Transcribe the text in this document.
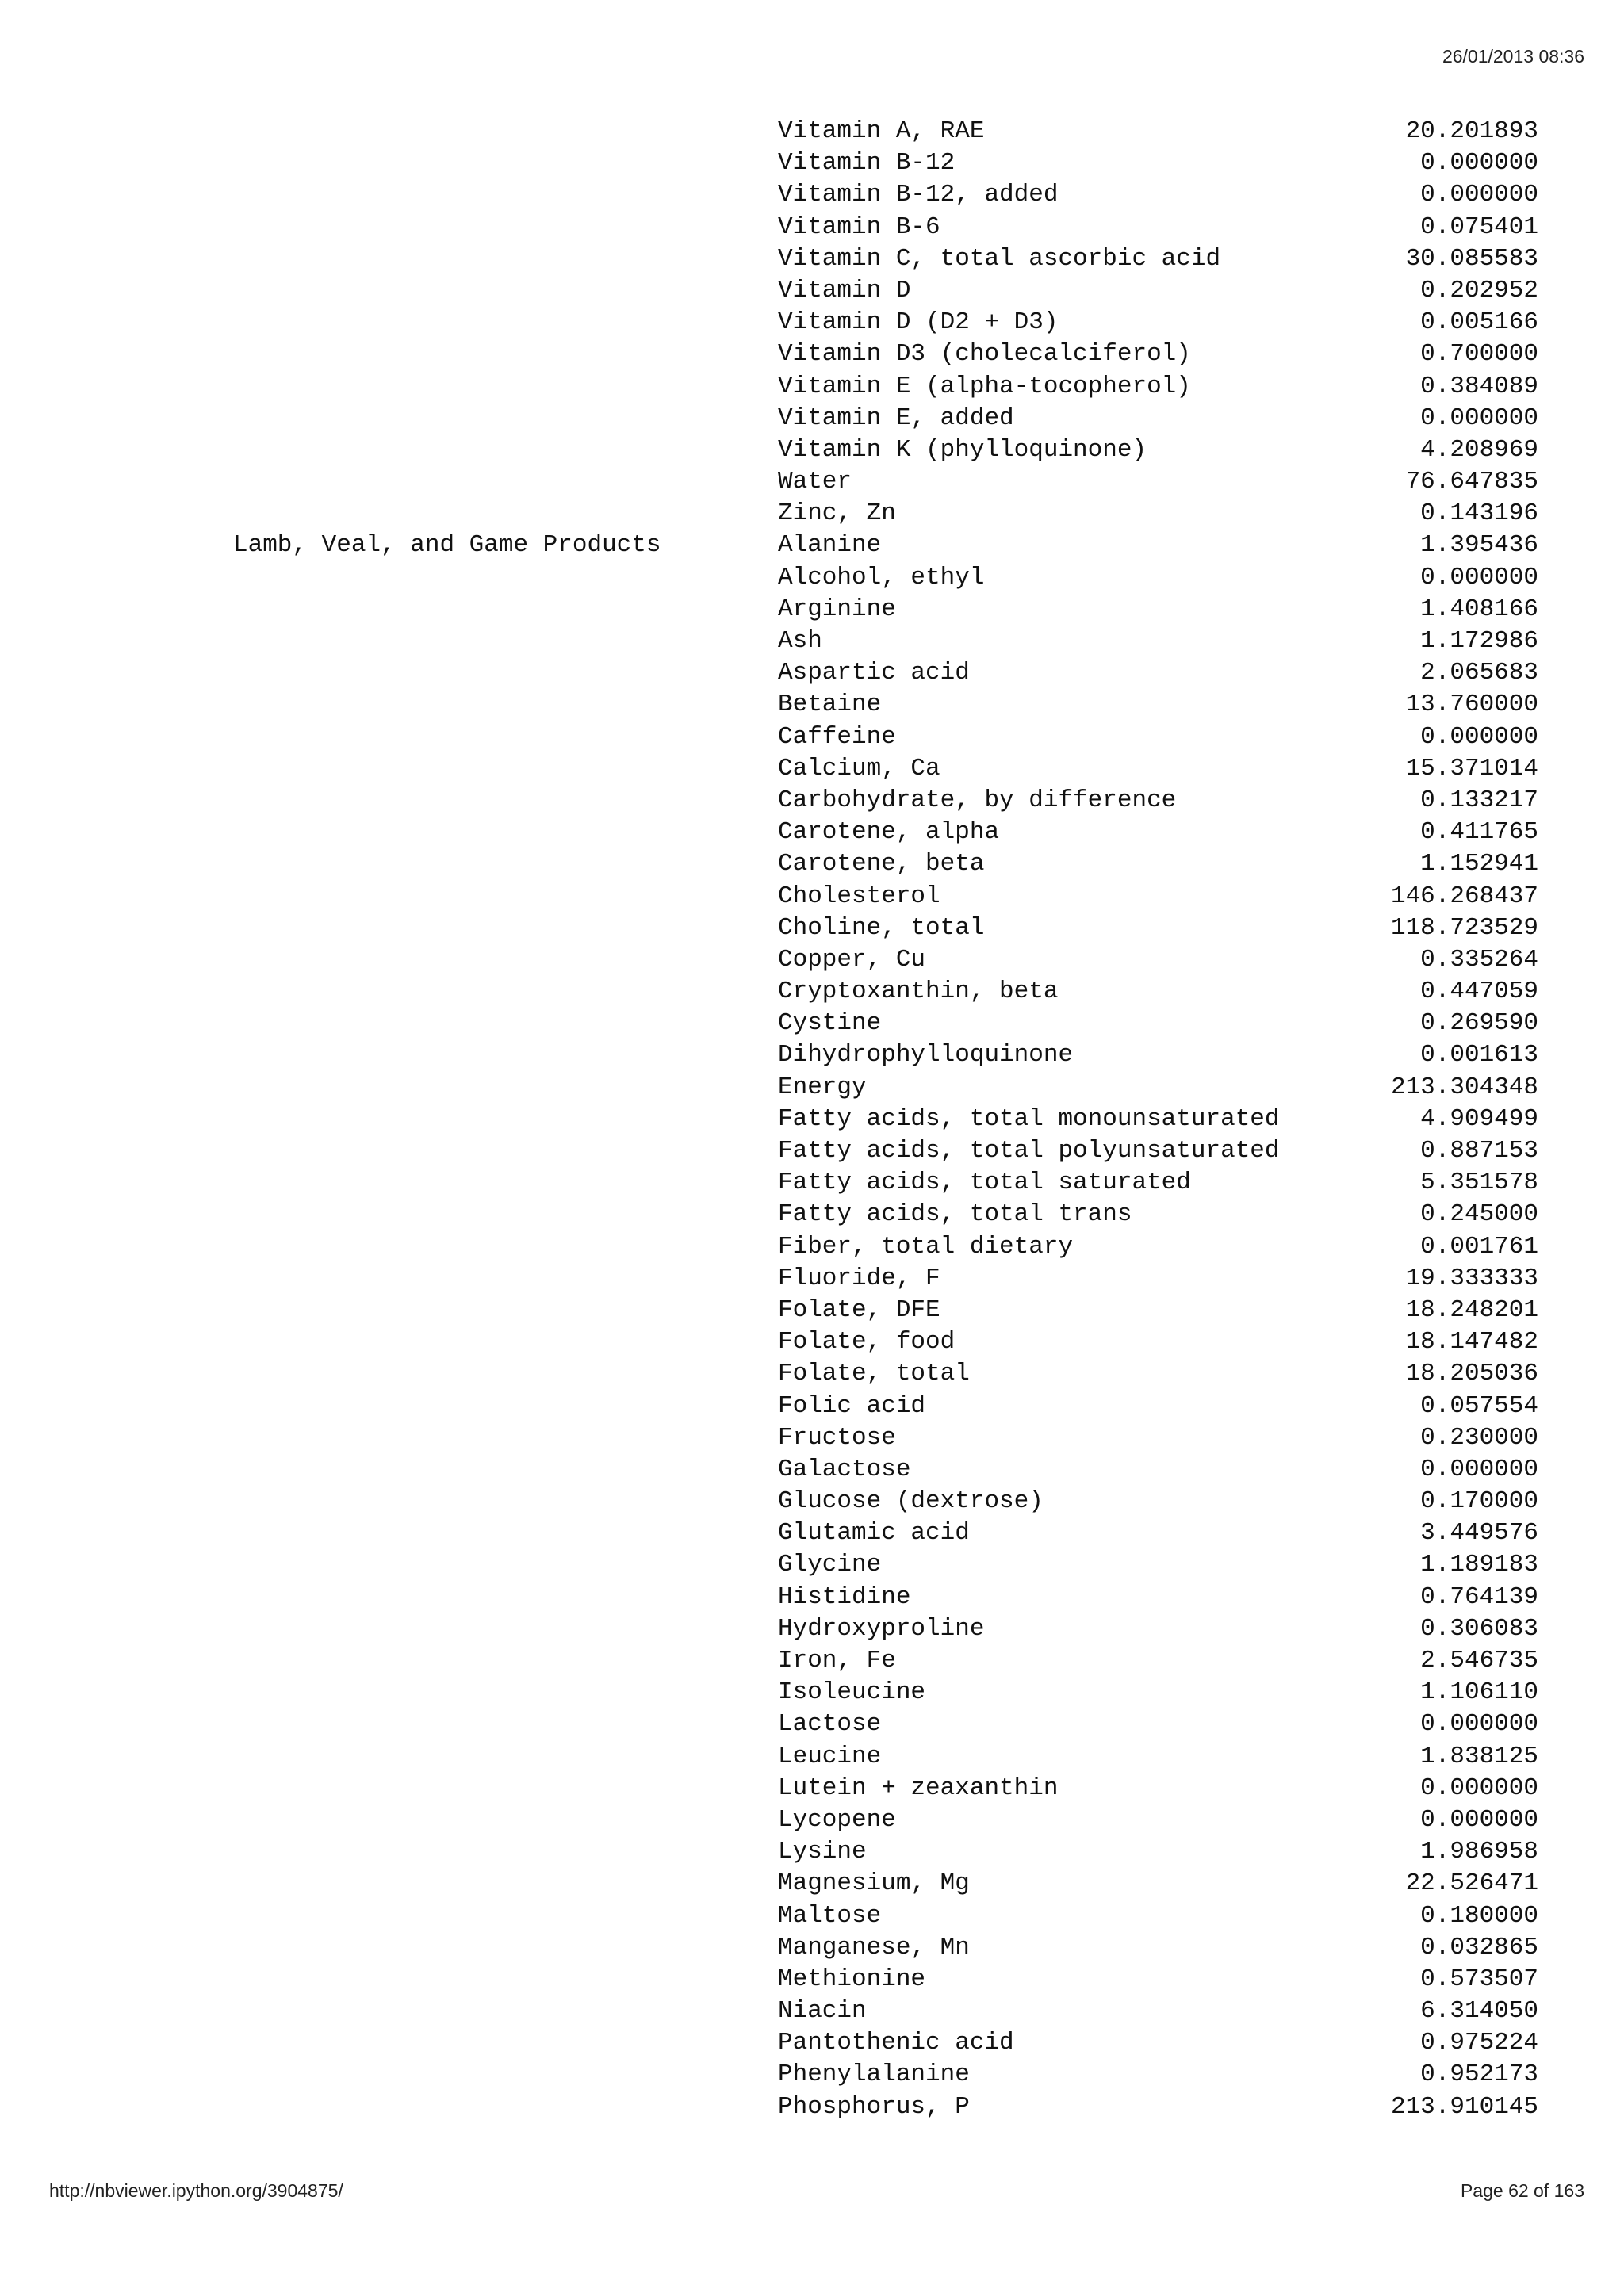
26/01/2013 08:36
Vitamin A, RAE	20.201893
Vitamin B-12	0.000000
Vitamin B-12, added	0.000000
Vitamin B-6	0.075401
Vitamin C, total ascorbic acid	30.085583
Vitamin D	0.202952
Vitamin D (D2 + D3)	0.005166
Vitamin D3 (cholecalciferol)	0.700000
Vitamin E (alpha-tocopherol)	0.384089
Vitamin E, added	0.000000
Vitamin K (phylloquinone)	4.208969
Water	76.647835
Zinc, Zn	0.143196
Lamb, Veal, and Game Products	Alanine	1.395436
Alcohol, ethyl	0.000000
Arginine	1.408166
Ash	1.172986
Aspartic acid	2.065683
Betaine	13.760000
Caffeine	0.000000
Calcium, Ca	15.371014
Carbohydrate, by difference	0.133217
Carotene, alpha	0.411765
Carotene, beta	1.152941
Cholesterol	146.268437
Choline, total	118.723529
Copper, Cu	0.335264
Cryptoxanthin, beta	0.447059
Cystine	0.269590
Dihydrophylloquinone	0.001613
Energy	213.304348
Fatty acids, total monounsaturated	4.909499
Fatty acids, total polyunsaturated	0.887153
Fatty acids, total saturated	5.351578
Fatty acids, total trans	0.245000
Fiber, total dietary	0.001761
Fluoride, F	19.333333
Folate, DFE	18.248201
Folate, food	18.147482
Folate, total	18.205036
Folic acid	0.057554
Fructose	0.230000
Galactose	0.000000
Glucose (dextrose)	0.170000
Glutamic acid	3.449576
Glycine	1.189183
Histidine	0.764139
Hydroxyproline	0.306083
Iron, Fe	2.546735
Isoleucine	1.106110
Lactose	0.000000
Leucine	1.838125
Lutein + zeaxanthin	0.000000
Lycopene	0.000000
Lysine	1.986958
Magnesium, Mg	22.526471
Maltose	0.180000
Manganese, Mn	0.032865
Methionine	0.573507
Niacin	6.314050
Pantothenic acid	0.975224
Phenylalanine	0.952173
Phosphorus, P	213.910145
http://nbviewer.ipython.org/3904875/	Page 62 of 163
